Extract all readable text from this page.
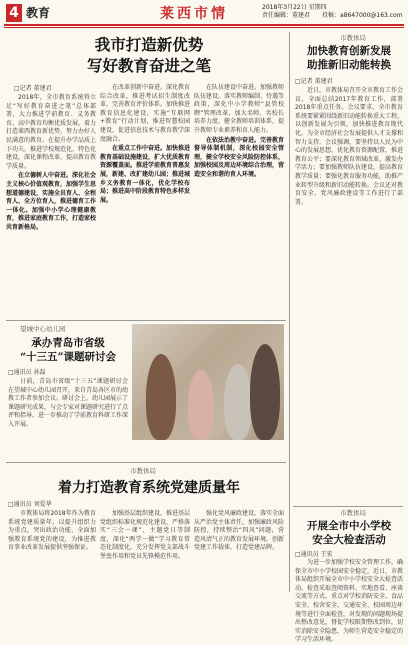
4 教育	莱西市情	2018年3月22日 星期四
责任编辑：董建君　　投稿：a8647000@163.com
我市打造新优势
写好教育奋进之笔
□记者 董建君

2018年，全市教育系统将立足“写好教育奋进之笔”总体部署，大力推进学前教育、义务教育、高中教育均衡优质发展，着力打造莱西教育新优势，努力办好人民满意的教育。在提升办学品质上下功夫，推进学校规范化、特色化建设，深化课程改革，提高教育教学质量。

在立德树人中奋进。深化社会主义核心价值观教育，加强学生思想道德建设，实施全员育人、全程育人、全方位育人，推进德育工作一体化。加强中小学心理健康教育，推进家庭教育工作，打造家校共育新格局。

在改革创新中奋进。深化教育综合改革，推进考试招生制度改革，完善教育评价体系。加快推进教育信息化建设，实施“互联网+教育”行动计划，推进智慧校园建设，促进信息技术与教育教学深度融合。

在重点工作中奋进。加快推进教育基础设施建设，扩大优质教育资源覆盖面。推进学前教育普惠发展，新建、改扩建幼儿园；推进城乡义务教育一体化，优化学校布局；推进高中阶段教育特色多样发展。

在队伍建设中奋进。加强教师队伍建设，落实教师编制、待遇等政策，深化中小学教师“县管校聘”管理改革，加大名师、名校长培养力度，健全教师培训体系，提升教师专业素养和育人能力。

在依法治教中奋进。完善教育督导体制机制，深化校园安全管理，健全学校安全风险防控体系，加强校园及周边环境综合治理，营造安全和谐的育人环境。

市教体局
加快教育创新发展
助推新旧动能转换
□记者 董建君

近日，市教体局召开全市教育工作会议，全面总结2017年教育工作，部署2018年重点任务。会议要求，全市教育系统要紧紧围绕新旧动能转换重大工程，以创新发展为引领，加快推进教育现代化，为全市经济社会发展提供人才支撑和智力支持。会议强调，要坚持以人民为中心的发展思想，优化教育资源配置，推进教育公平；要深化教育领域改革，激发办学活力；要加强教师队伍建设，提高教育教学质量；要强化教育服务功能，助推产业转型升级和新旧动能转换。会议还对教育安全、党风廉政建设等工作进行了部署。

望城中心幼儿园
承办青岛市省级
“十三五”课题研讨会
□通讯员 孙磊

日前，青岛市省级“十三五”课题研讨会在望城中心幼儿园召开，来自青岛各区市的幼教工作者参加会议。研讨会上，幼儿园展示了课题研究成果，与会专家对课题研究进行了点评和指导，进一步推动了学前教育科研工作深入开展。

市教体局
开展全市中小学校
安全大检查活动
□通讯员 王宏

为进一步加强学校安全管理工作，确保全市中小学校园安全稳定，近日，市教体局组织开展全市中小学校安全大检查活动。检查采取查阅资料、实地查看、座谈交流等方式，重点对学校消防安全、食品安全、校舍安全、交通安全、校园周边环境等进行全面检查，对发现的问题现场提出整改意见，督促学校限期整改到位，切实消除安全隐患，为师生营造安全稳定的学习生活环境。

市教体局
着力打造教育系统党建质量年
□通讯员 刘爱华

市教体局将2018年作为教育系统党建质量年，以提升组织力为重点，突出政治功能，全面加强教育系统党的建设，为推进教育事业改革发展提供坚强保证。

加强基层组织建设，推进基层党组织标准化规范化建设，严格落实“三会一课”、主题党日等制度，深化“两学一做”学习教育常态化制度化，充分发挥党支部战斗堡垒作用和党员先锋模范作用。

强化党风廉政建设，落实全面从严治党主体责任，加强廉政风险防控，持续整治“四风”问题，营造风清气正的教育发展环境。创新党建工作载体，打造党建品牌。
